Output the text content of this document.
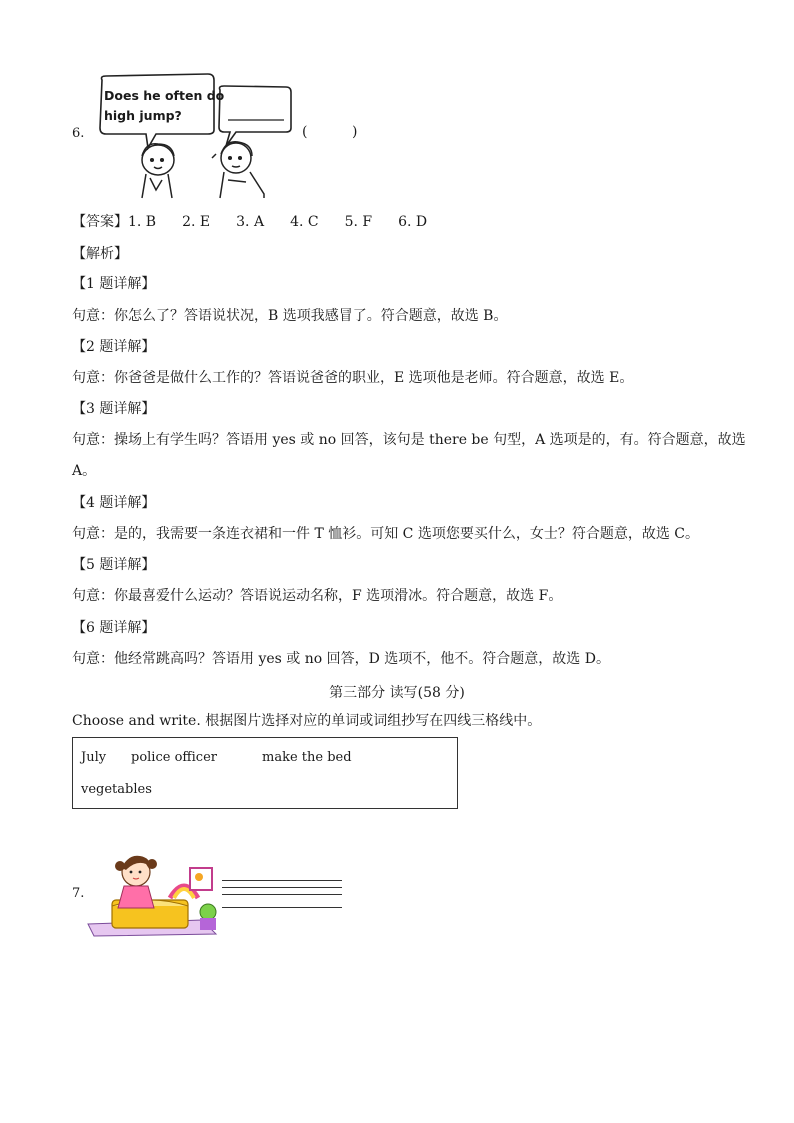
6.
Does he often do
high jump?
(          )
【答案】1. B 2. E 3. A 4. C 5. F 6. D
【解析】
【1 题详解】
句意：你怎么了？答语说状况，B 选项我感冒了。符合题意，故选 B。
【2 题详解】
句意：你爸爸是做什么工作的？答语说爸爸的职业，E 选项他是老师。符合题意，故选 E。
【3 题详解】
句意：操场上有学生吗？答语用 yes 或 no 回答，该句是 there be 句型，A 选项是的，有。符合题意，故选
A。
【4 题详解】
句意：是的，我需要一条连衣裙和一件 T 恤衫。可知 C 选项您要买什么，女士？符合题意，故选 C。
【5 题详解】
句意：你最喜爱什么运动？答语说运动名称，F 选项滑冰。符合题意，故选 F。
【6 题详解】
句意：他经常跳高吗？答语用 yes 或 no 回答，D 选项不，他不。符合题意，故选 D。
第三部分 读写(58 分)
Choose and write. 根据图片选择对应的单词或词组抄写在四线三格线中。
July police officer	make the bed
vegetables
7.
